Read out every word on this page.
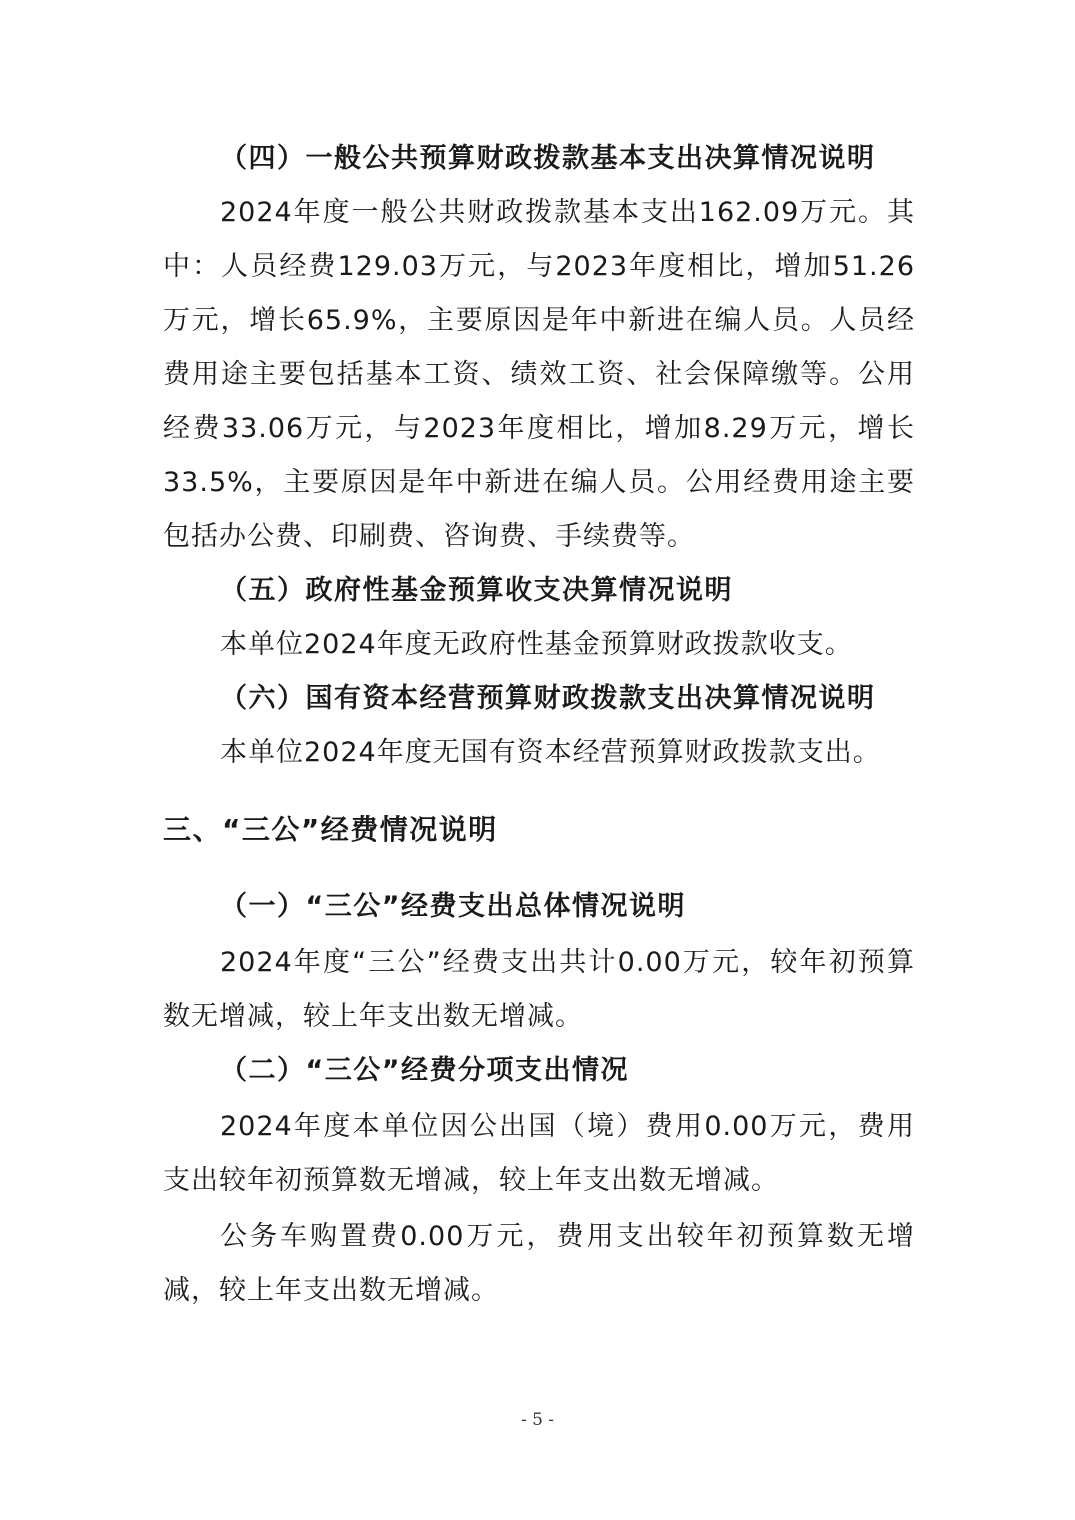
（四）一般公共预算财政拨款基本支出决算情况说明

2024年度一般公共财政拨款基本支出162.09万元。其中：人员经费129.03万元，与2023年度相比，增加51.26万元，增长65.9%，主要原因是年中新进在编人员。人员经费用途主要包括基本工资、绩效工资、社会保障缴等。公用经费33.06万元，与2023年度相比，增加8.29万元，增长33.5%，主要原因是年中新进在编人员。公用经费用途主要包括办公费、印刷费、咨询费、手续费等。

（五）政府性基金预算收支决算情况说明

本单位2024年度无政府性基金预算财政拨款收支。

（六）国有资本经营预算财政拨款支出决算情况说明

本单位2024年度无国有资本经营预算财政拨款支出。

三、“三公”经费情况说明

（一）“三公”经费支出总体情况说明

2024年度“三公”经费支出共计0.00万元，较年初预算数无增减，较上年支出数无增减。

（二）“三公”经费分项支出情况

2024年度本单位因公出国（境）费用0.00万元，费用支出较年初预算数无增减，较上年支出数无增减。

公务车购置费0.00万元，费用支出较年初预算数无增减，较上年支出数无增减。

- 5 -
